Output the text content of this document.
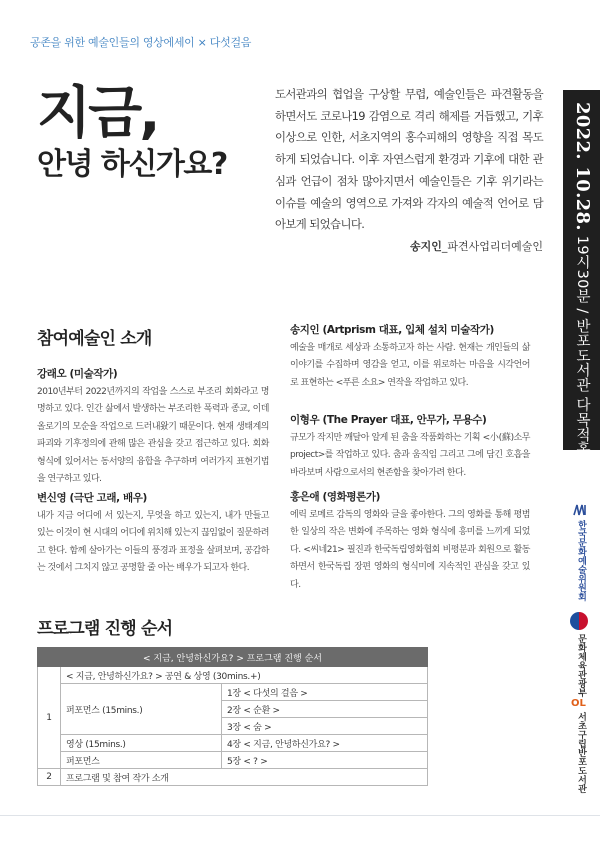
공존을 위한 예술인들의 영상에세이 × 다섯걸음
지금,
안녕 하신가요?
도서관과의 협업을 구상할 무렵, 예술인들은 파견활동을 하면서도 코로나19 감염으로 격리 해제를 거듭했고, 기후이상으로 인한, 서초지역의 홍수피해의 영향을 직접 목도하게 되었습니다. 이후 자연스럽게 환경과 기후에 대한 관심과 언급이 점차 많아지면서 예술인들은 기후 위기라는 이슈를 예술의 영역으로 가져와 각자의 예술적 언어로 담아보게 되었습니다.
송지인_파견사업리더예술인
2022. 10.28. 19시30분 / 반포도서관 다목적홀
한국문화예술위원회
문화체육관광부
OL
서초구립반포도서관
참여예술인 소개
강래오 (미술작가)
2010년부터 2022년까지의 작업을 스스로 부조리 회화라고 명명하고 있다. 인간 삶에서 발생하는 부조리한 폭력과 종교, 이데올로기의 모순을 작업으로 드러내왔기 때문이다. 현재 생태계의 파괴와 기후정의에 관해 많은 관심을 갖고 접근하고 있다. 회화 형식에 있어서는 동서양의 융합을 추구하며 여러가지 표현기법을 연구하고 있다.
변신영 (극단 고래, 배우)
내가 지금 어디에 서 있는지, 무엇을 하고 있는지, 내가 만들고 있는 이것이 현 시대의 어디에 위치해 있는지 끊임없이 질문하려고 한다. 함께 살아가는 이들의 풍경과 표정을 살펴보며, 공감하는 것에서 그치지 않고 공명할 줄 아는 배우가 되고자 한다.
송지인 (Artprism 대표, 입체 설치 미술작가)
예술을 매개로 세상과 소통하고자 하는 사람. 현재는 개인들의 삶 이야기를 수집하며 영감을 얻고, 이를 위로하는 마음을 시각언어로 표현하는 <푸른 소요> 연작을 작업하고 있다.
이형우 (The Prayer 대표, 안무가, 무용수)
규모가 작지만 깨달아 알게 된 춤을 작품화하는 기획 <小(蘇)소무project>를 작업하고 있다. 춤과 움직임 그리고 그에 담긴 호흡을 바라보며 사람으로서의 현존함을 찾아가려 한다.
홍은애 (영화평론가)
에릭 로메르 감독의 영화와 글을 좋아한다. 그의 영화를 통해 평범한 일상의 작은 변화에 주목하는 영화 형식에 흥미를 느끼게 되었다. <씨네21> 필진과 한국독립영화협회 비평분과 회원으로 활동하면서 한국독립 장편 영화의 형식미에 지속적인 관심을 갖고 있다.
프로그램 진행 순서
< 지금, 안녕하신가요? > 프로그램 진행 순서		
1	< 지금, 안녕하신가요? > 공연 & 상영 (30mins.+)	
	퍼포먼스 (15mins.)	1장 < 다섯의 걸음 >
		2장 < 순환 >
		3장 < 숨 >
	영상 (15mins.)	4장 < 지금, 안녕하신가요? >
	퍼포먼스	5장 < ? >
2	프로그램 및 참여 작가 소개	
